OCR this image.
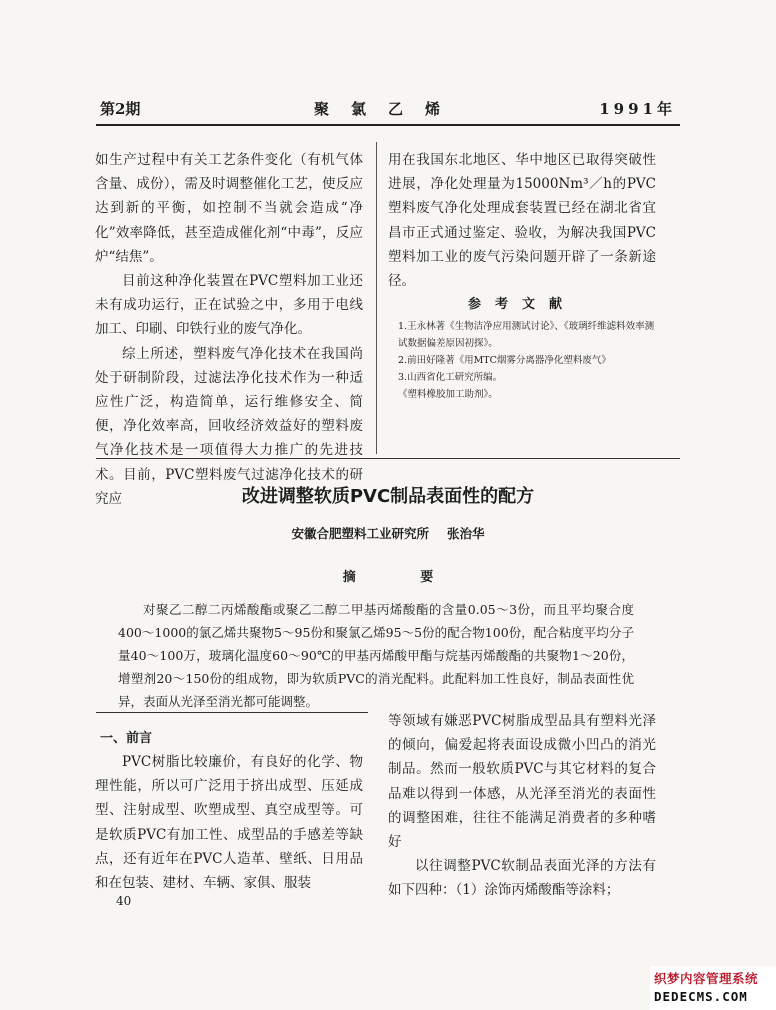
第2期	聚氯乙烯	1991年

如生产过程中有关工艺条件变化（有机气体含量、成份），需及时调整催化工艺，使反应达到新的平衡，如控制不当就会造成“净化”效率降低，甚至造成催化剂“中毒”，反应炉“结焦”。

目前这种净化装置在PVC塑料加工业还未有成功运行，正在试验之中，多用于电线加工、印刷、印铁行业的废气净化。

综上所述，塑料废气净化技术在我国尚处于研制阶段，过滤法净化技术作为一种适应性广泛，构造简单，运行维修安全、简便，净化效率高，回收经济效益好的塑料废气净化技术是一项值得大力推广的先进技术。目前，PVC塑料废气过滤净化技术的研究应

用在我国东北地区、华中地区已取得突破性进展，净化处理量为15000Nm³／h的PVC塑料废气净化处理成套装置已经在湖北省宜昌市正式通过鉴定、验收，为解决我国PVC塑料加工业的废气污染问题开辟了一条新途径。

参考文献

1.王永林著《生物洁净应用测试讨论》、《玻璃纤维滤料效率测试数据偏差原因初探》。

2.前田好隆著《用MTC烟雾分离器净化塑料废气》

3.山西省化工研究所编。

《塑料橡胶加工助剂》。

改进调整软质PVC制品表面性的配方
安徽合肥塑料工业研究所 张治华
摘 要

对聚乙二醇二丙烯酸酯或聚乙二醇二甲基丙烯酸酯的含量0.05～3份，而且平均聚合度400～1000的氯乙烯共聚物5～95份和聚氯乙烯95～5份的配合物100份，配合粘度平均分子量40～100万，玻璃化温度60～90℃的甲基丙烯酸甲酯与烷基丙烯酸酯的共聚物1～20份，增塑剂20～150份的组成物，即为软质PVC的消光配料。此配料加工性良好，制品表面性优异，表面从光泽至消光都可能调整。

一、前言

PVC树脂比较廉价，有良好的化学、物理性能，所以可广泛用于挤出成型、压延成型、注射成型、吹塑成型、真空成型等。可是软质PVC有加工性、成型品的手感差等缺点，还有近年在PVC人造革、壁纸、日用品和在包装、建材、车辆、家俱、服装

等领域有嫌恶PVC树脂成型品具有塑料光泽的倾向，偏爱起将表面设成微小凹凸的消光制品。然而一般软质PVC与其它材料的复合品难以得到一体感，从光泽至消光的表面性的调整困难，往往不能满足消费者的多种嗜好

以往调整PVC软制品表面光泽的方法有如下四种：（1）涂饰丙烯酸酯等涂料；

40
织梦内容管理系统
DEDECMS.COM
